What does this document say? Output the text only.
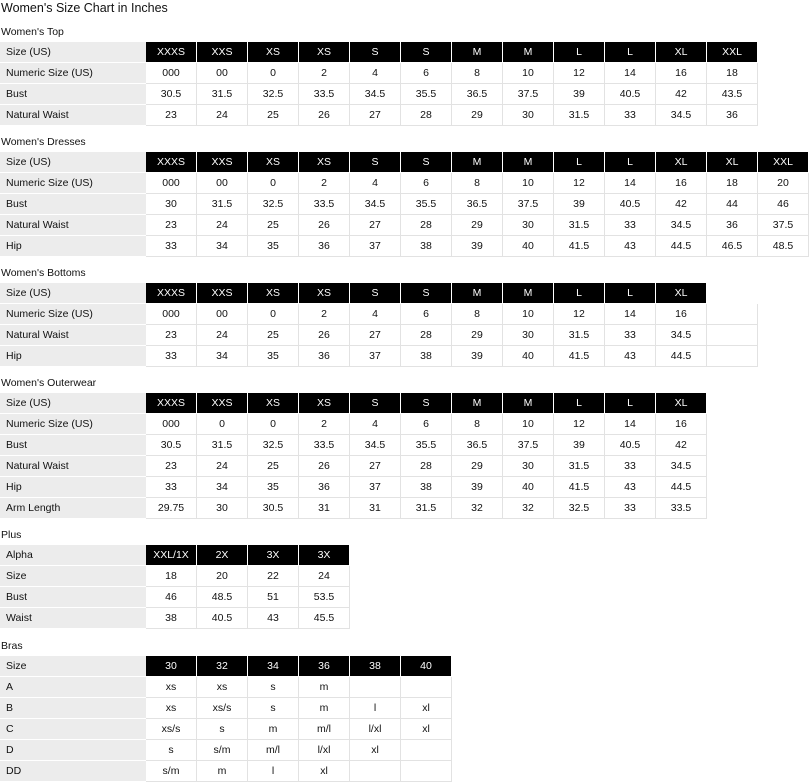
Women's Size Chart in Inches
Women's Top
Size (US)	XXXS	XXS	XS	XS	S	S	M	M	L	L	XL	XXL
Numeric Size (US)	000	00	0	2	4	6	8	10	12	14	16	18
Bust	30.5	31.5	32.5	33.5	34.5	35.5	36.5	37.5	39	40.5	42	43.5
Natural Waist	23	24	25	26	27	28	29	30	31.5	33	34.5	36
Women's Dresses
Size (US)	XXXS	XXS	XS	XS	S	S	M	M	L	L	XL	XL	XXL
Numeric Size (US)	000	00	0	2	4	6	8	10	12	14	16	18	20
Bust	30	31.5	32.5	33.5	34.5	35.5	36.5	37.5	39	40.5	42	44	46
Natural Waist	23	24	25	26	27	28	29	30	31.5	33	34.5	36	37.5
Hip	33	34	35	36	37	38	39	40	41.5	43	44.5	46.5	48.5
Women's Bottoms
Size (US)	XXXS	XXS	XS	XS	S	S	M	M	L	L	XL	
Numeric Size (US)	000	00	0	2	4	6	8	10	12	14	16	
Natural Waist	23	24	25	26	27	28	29	30	31.5	33	34.5	
Hip	33	34	35	36	37	38	39	40	41.5	43	44.5	
Women's Outerwear
Size (US)	XXXS	XXS	XS	XS	S	S	M	M	L	L	XL
Numeric Size (US)	000	0	0	2	4	6	8	10	12	14	16
Bust	30.5	31.5	32.5	33.5	34.5	35.5	36.5	37.5	39	40.5	42
Natural Waist	23	24	25	26	27	28	29	30	31.5	33	34.5
Hip	33	34	35	36	37	38	39	40	41.5	43	44.5
Arm Length	29.75	30	30.5	31	31	31.5	32	32	32.5	33	33.5
Plus
Alpha	XXL/1X	2X	3X	3X
Size	18	20	22	24
Bust	46	48.5	51	53.5
Waist	38	40.5	43	45.5
Bras
Size	30	32	34	36	38	40
A	xs	xs	s	m		
B	xs	xs/s	s	m	l	xl
C	xs/s	s	m	m/l	l/xl	xl
D	s	s/m	m/l	l/xl	xl	
DD	s/m	m	l	xl		
